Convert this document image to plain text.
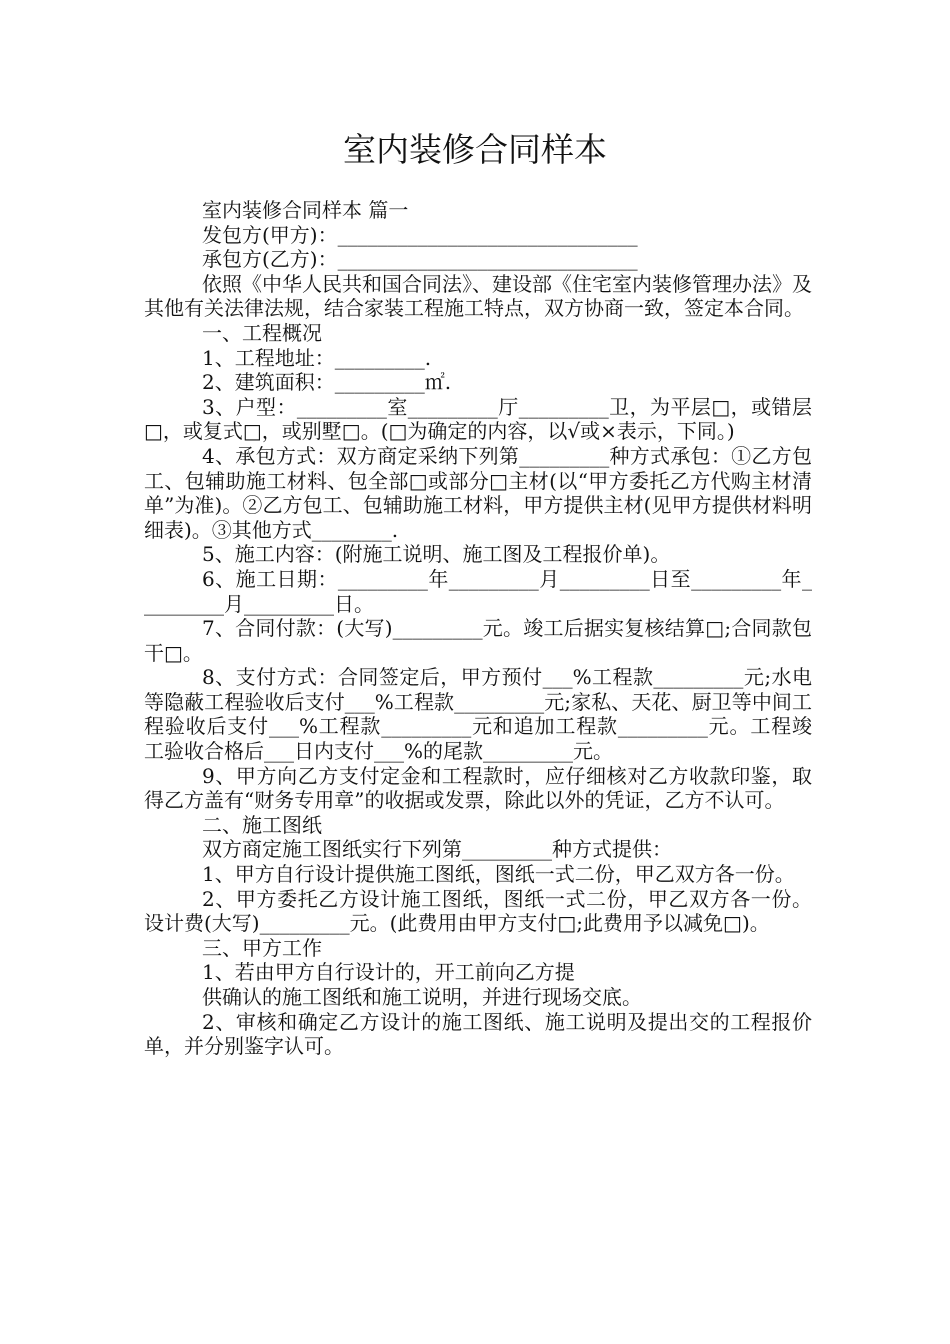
室内装修合同样本

室内装修合同样本 篇一

发包方(甲方)：______________________________

承包方(乙方)：______________________________

依照《中华人民共和国合同法》、建设部《住宅室内装修管理办法》及其他有关法律法规，结合家装工程施工特点，双方协商一致，签定本合同。

一、工程概况

1、工程地址：_________.

2、建筑面积：_________㎡.

3、户型：_________室_________厅_________卫，为平层□，或错层□，或复式□，或别墅□。(□为确定的内容，以√或×表示，下同。)

4、承包方式：双方商定采纳下列第_________种方式承包：①乙方包工、包辅助施工材料、包全部□或部分□主材(以“甲方委托乙方代购主材清单”为准)。②乙方包工、包辅助施工材料，甲方提供主材(见甲方提供材料明细表)。③其他方式________.

5、施工内容：(附施工说明、施工图及工程报价单)。

6、施工日期：_________年_________月_________日至_________年_________月_________日。

7、合同付款：(大写)_________元。竣工后据实复核结算□;合同款包干□。

8、支付方式：合同签定后，甲方预付___%工程款_________元;水电等隐蔽工程验收后支付___%工程款_________元;家私、天花、厨卫等中间工程验收后支付___%工程款_________元和追加工程款_________元。工程竣工验收合格后___日内支付___%的尾款_________元。

9、甲方向乙方支付定金和工程款时，应仔细核对乙方收款印鉴，取得乙方盖有“财务专用章”的收据或发票，除此以外的凭证，乙方不认可。

二、施工图纸

双方商定施工图纸实行下列第_________种方式提供：

1、甲方自行设计提供施工图纸，图纸一式二份，甲乙双方各一份。

2、甲方委托乙方设计施工图纸，图纸一式二份，甲乙双方各一份。设计费(大写)_________元。(此费用由甲方支付□;此费用予以减免□)。

三、甲方工作

1、若由甲方自行设计的，开工前向乙方提

供确认的施工图纸和施工说明，并进行现场交底。

2、审核和确定乙方设计的施工图纸、施工说明及提出交的工程报价单，并分别鉴字认可。
